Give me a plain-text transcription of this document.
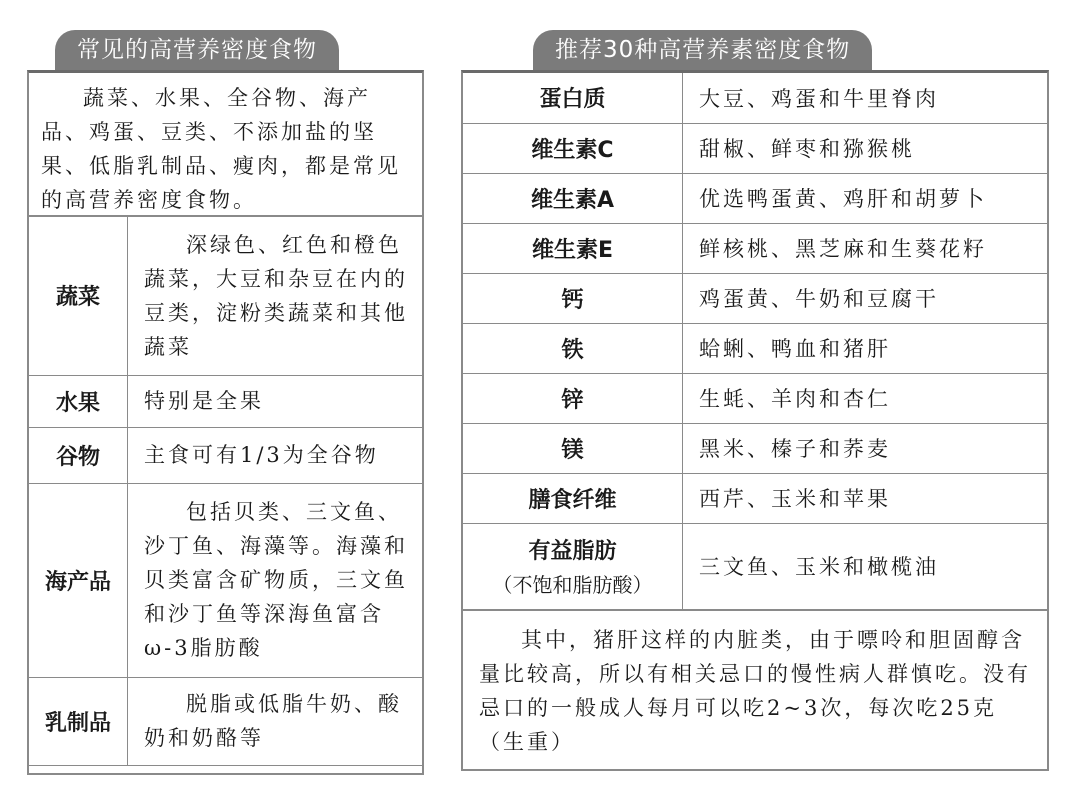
常见的高营养密度食物
蔬菜、水果、全谷物、海产品、鸡蛋、豆类、不添加盐的坚果、低脂乳制品、瘦肉，都是常见的高营养密度食物。
蔬菜	深绿色、红色和橙色蔬菜，大豆和杂豆在内的豆类，淀粉类蔬菜和其他蔬菜
水果	特别是全果
谷物	主食可有1/3为全谷物
海产品	包括贝类、三文鱼、沙丁鱼、海藻等。海藻和贝类富含矿物质，三文鱼和沙丁鱼等深海鱼富含ω-3脂肪酸
乳制品	脱脂或低脂牛奶、酸奶和奶酪等
推荐30种高营养素密度食物
蛋白质	大豆、鸡蛋和牛里脊肉
维生素C	甜椒、鲜枣和猕猴桃
维生素A	优选鸭蛋黄、鸡肝和胡萝卜
维生素E	鲜核桃、黑芝麻和生葵花籽
钙	鸡蛋黄、牛奶和豆腐干
铁	蛤蜊、鸭血和猪肝
锌	生蚝、羊肉和杏仁
镁	黑米、榛子和荞麦
膳食纤维	西芹、玉米和苹果
有益脂肪
（不饱和脂肪酸）	三文鱼、玉米和橄榄油
其中，猪肝这样的内脏类，由于嘌呤和胆固醇含量比较高，所以有相关忌口的慢性病人群慎吃。没有忌口的一般成人每月可以吃2~3次，每次吃25克（生重）
